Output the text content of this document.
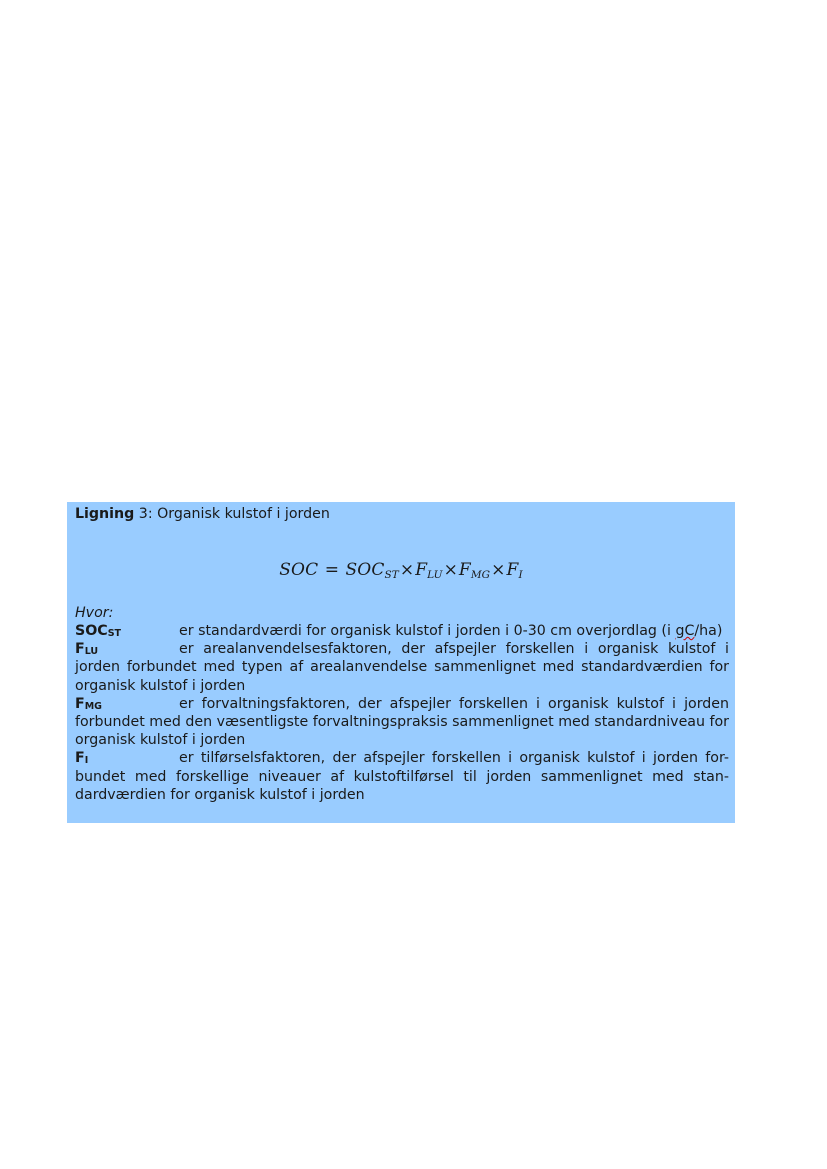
Ligning 3: Organisk kulstof i jorden

SOC = $SOC_{ST}\times F_{LU}\times F_{MG}\times F_I$
Hvor:

$SOC_{ST}$	er standardværdi for organisk kulstof i jorden i 0-30 cm overjordlag (i gC/ha)

$F_{LU}$	er arealanvendelsesfaktoren, der afspejler forskellen i organisk kulstof i jorden forbundet med typen af arealanvendelse sammenlignet med standardværdien for organisk kulstof i jorden

$F_{MG}$	er forvaltningsfaktoren, der afspejler forskellen i organisk kulstof i jorden forbundet med den væsentligste forvaltningspraksis sammenlignet med standardniveau for organisk kulstof i jorden

$F_I$	er tilførselsfaktoren, der afspejler forskellen i organisk kulstof i jorden for-bundet med forskellige niveauer af kulstoftilførsel til jorden sammenlignet med stan-dardværdien for organisk kulstof i jorden
